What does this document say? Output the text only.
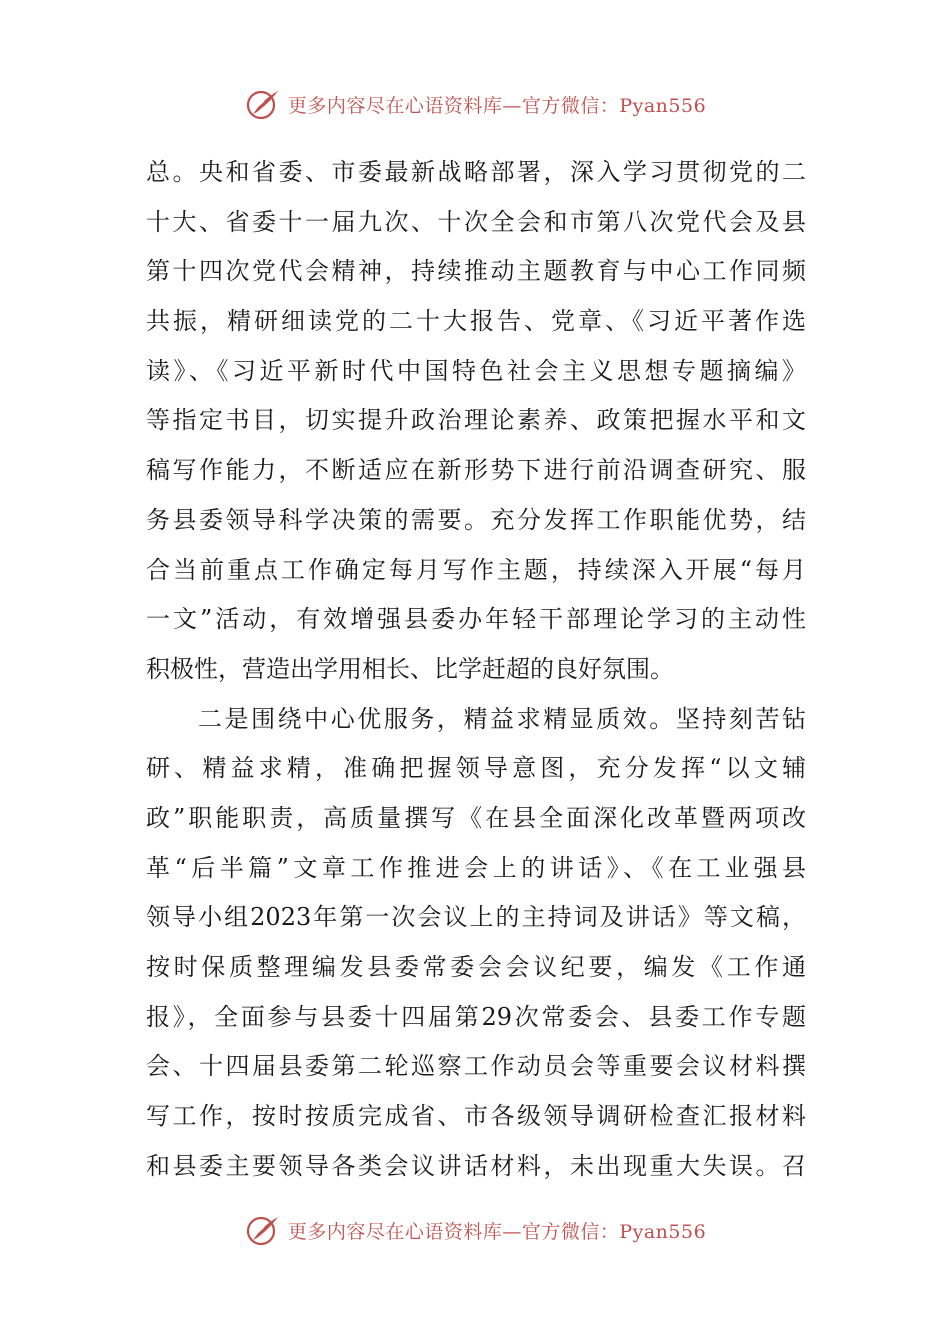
更多内容尽在心语资料库—官方微信：Pyan556
总。央和省委、市委最新战略部署，深入学习贯彻党的二
十大、省委十一届九次、十次全会和市第八次党代会及县
第十四次党代会精神，持续推动主题教育与中心工作同频
共振，精研细读党的二十大报告、党章、《习近平著作选
读》、《习近平新时代中国特色社会主义思想专题摘编》
等指定书目，切实提升政治理论素养、政策把握水平和文
稿写作能力，不断适应在新形势下进行前沿调查研究、服
务县委领导科学决策的需要。充分发挥工作职能优势，结
合当前重点工作确定每月写作主题，持续深入开展“每月
一文”活动，有效增强县委办年轻干部理论学习的主动性
积极性，营造出学用相长、比学赶超的良好氛围。
二是围绕中心优服务，精益求精显质效。坚持刻苦钻
研、精益求精，准确把握领导意图，充分发挥“以文辅
政”职能职责，高质量撰写《在县全面深化改革暨两项改
革“后半篇”文章工作推进会上的讲话》、《在工业强县
领导小组2023年第一次会议上的主持词及讲话》等文稿，
按时保质整理编发县委常委会会议纪要，编发《工作通
报》，全面参与县委十四届第29次常委会、县委工作专题
会、十四届县委第二轮巡察工作动员会等重要会议材料撰
写工作，按时按质完成省、市各级领导调研检查汇报材料
和县委主要领导各类会议讲话材料，未出现重大失误。召
更多内容尽在心语资料库—官方微信：Pyan556
